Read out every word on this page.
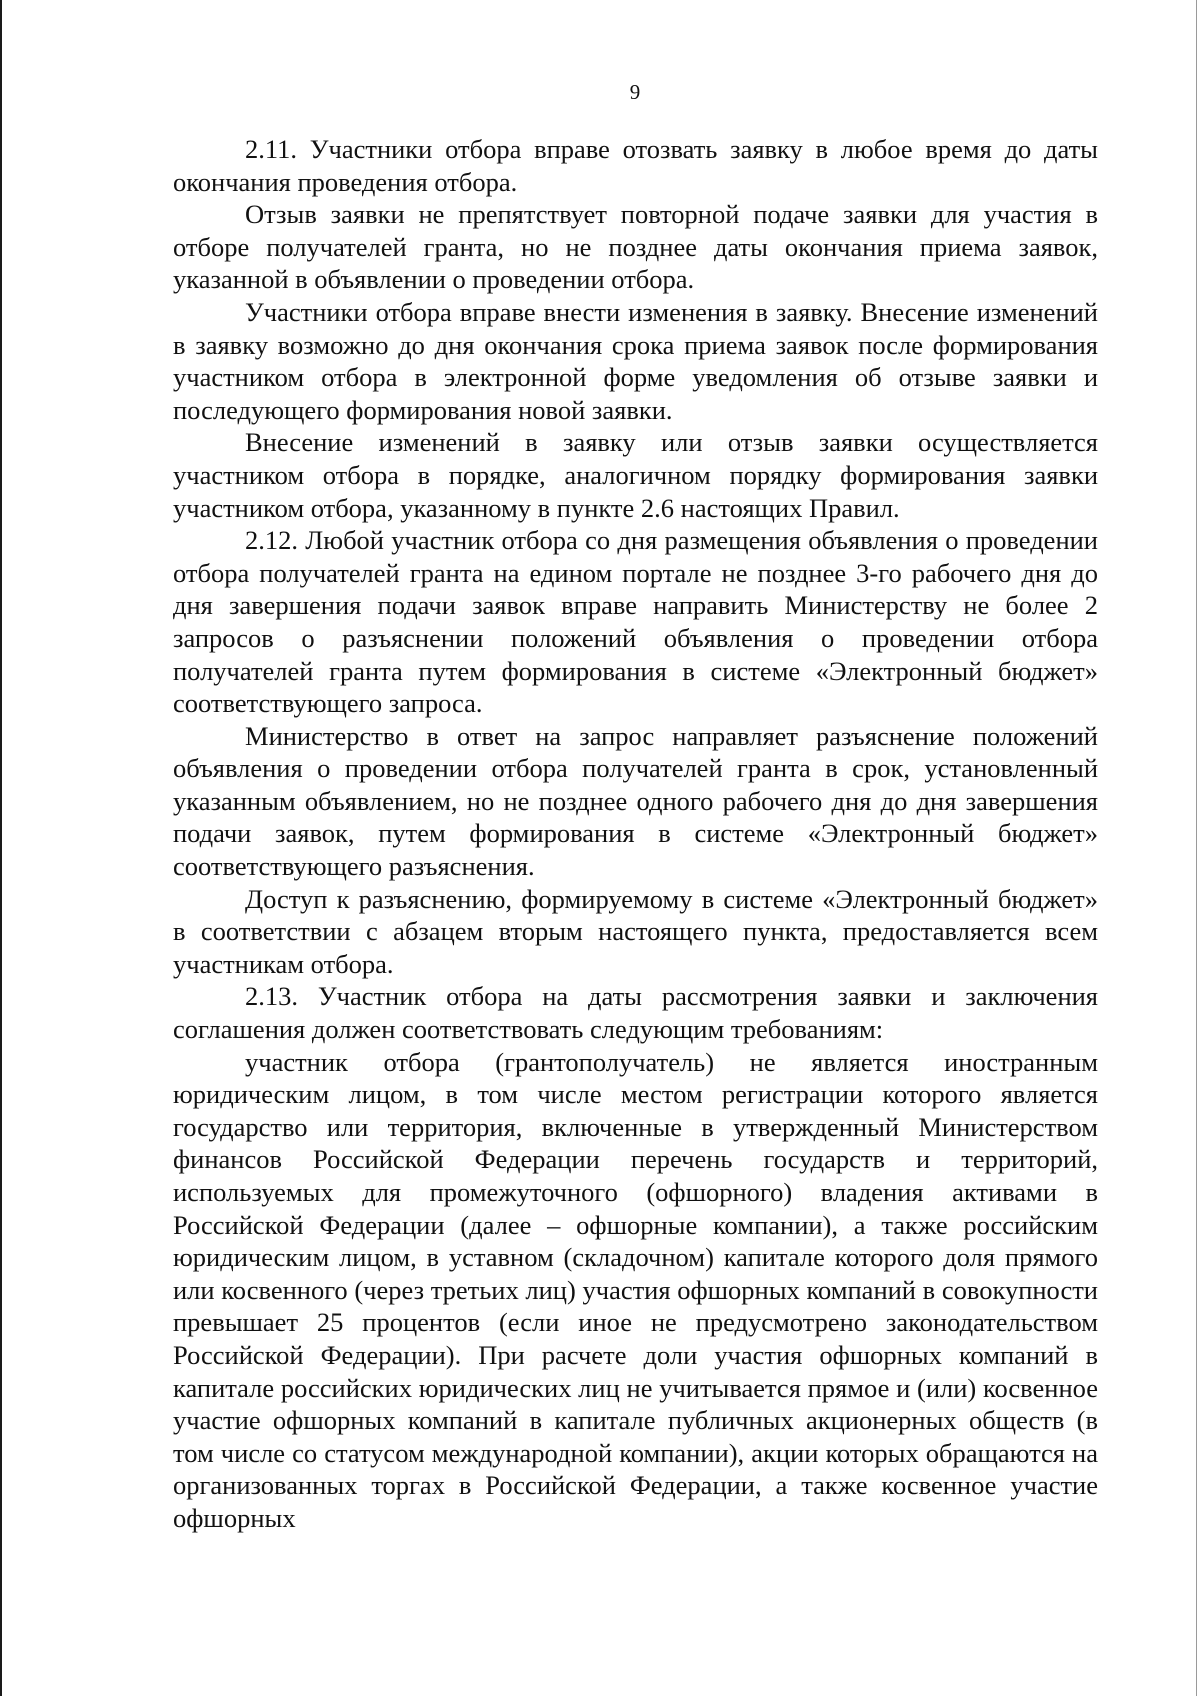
9

2.11. Участники отбора вправе отозвать заявку в любое время до даты окончания проведения отбора.

Отзыв заявки не препятствует повторной подаче заявки для участия в отборе получателей гранта, но не позднее даты окончания приема заявок, указанной в объявлении о проведении отбора.

Участники отбора вправе внести изменения в заявку. Внесение изменений в заявку возможно до дня окончания срока приема заявок после формирования участником отбора в электронной форме уведомления об отзыве заявки и последующего формирования новой заявки.

Внесение изменений в заявку или отзыв заявки осуществляется участником отбора в порядке, аналогичном порядку формирования заявки участником отбора, указанному в пункте 2.6 настоящих Правил.

2.12. Любой участник отбора со дня размещения объявления о проведении отбора получателей гранта на едином портале не позднее 3-го рабочего дня до дня завершения подачи заявок вправе направить Министерству не более 2 запросов о разъяснении положений объявления о проведении отбора получателей гранта путем формирования в системе «Электронный бюджет» соответствующего запроса.

Министерство в ответ на запрос направляет разъяснение положений объявления о проведении отбора получателей гранта в срок, установленный указанным объявлением, но не позднее одного рабочего дня до дня завершения подачи заявок, путем формирования в системе «Электронный бюджет» соответствующего разъяснения.

Доступ к разъяснению, формируемому в системе «Электронный бюджет» в соответствии с абзацем вторым настоящего пункта, предоставляется всем участникам отбора.

2.13. Участник отбора на даты рассмотрения заявки и заключения соглашения должен соответствовать следующим требованиям:

участник отбора (грантополучатель) не является иностранным юридическим лицом, в том числе местом регистрации которого является государство или территория, включенные в утвержденный Министерством финансов Российской Федерации перечень государств и территорий, используемых для промежуточного (офшорного) владения активами в Российской Федерации (далее – офшорные компании), а также российским юридическим лицом, в уставном (складочном) капитале которого доля прямого или косвенного (через третьих лиц) участия офшорных компаний в совокупности превышает 25 процентов (если иное не предусмотрено законодательством Российской Федерации). При расчете доли участия офшорных компаний в капитале российских юридических лиц не учитывается прямое и (или) косвенное участие офшорных компаний в капитале публичных акционерных обществ (в том числе со статусом международной компании), акции которых обращаются на организованных торгах в Российской Федерации, а также косвенное участие офшорных
